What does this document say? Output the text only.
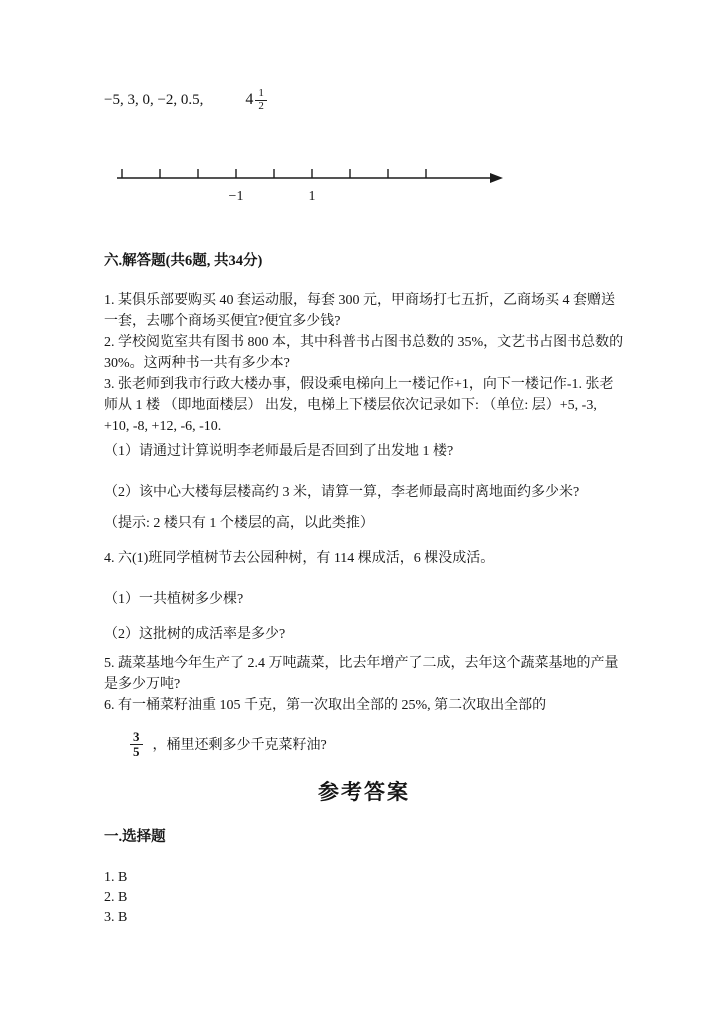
−5, 3, 0, −2, 0.5,	$4 \frac{1}{2}$
−1	1

六.解答题(共6题, 共34分)

1. 某俱乐部要购买 40 套运动服，每套 300 元，甲商场打七五折，乙商场买 4 套赠送一套，去哪个商场买便宜?便宜多少钱?

2. 学校阅览室共有图书 800 本，其中科普书占图书总数的 35%，文艺书占图书总数的 30%。这两种书一共有多少本?

3. 张老师到我市行政大楼办事，假设乘电梯向上一楼记作+1，向下一楼记作-1. 张老师从 1 楼 （即地面楼层） 出发，电梯上下楼层依次记录如下: （单位: 层）+5, -3, +10, -8, +12, -6, -10.

（1）请通过计算说明李老师最后是否回到了出发地 1 楼?

（2）该中心大楼每层楼高约 3 米，请算一算，李老师最高时离地面约多少米?

（提示: 2 楼只有 1 个楼层的高，以此类推）

4. 六(1)班同学植树节去公园种树，有 114 棵成活，6 棵没成活。

（1）一共植树多少棵?

（2）这批树的成活率是多少?

5. 蔬菜基地今年生产了 2.4 万吨蔬菜，比去年增产了二成，去年这个蔬菜基地的产量是多少万吨?

6. 有一桶菜籽油重 105 千克，第一次取出全部的 25%, 第二次取出全部的

$\frac{3}{5}$ ，桶里还剩多少千克菜籽油?

参考答案

一.选择题

1. B

2. B

3. B
